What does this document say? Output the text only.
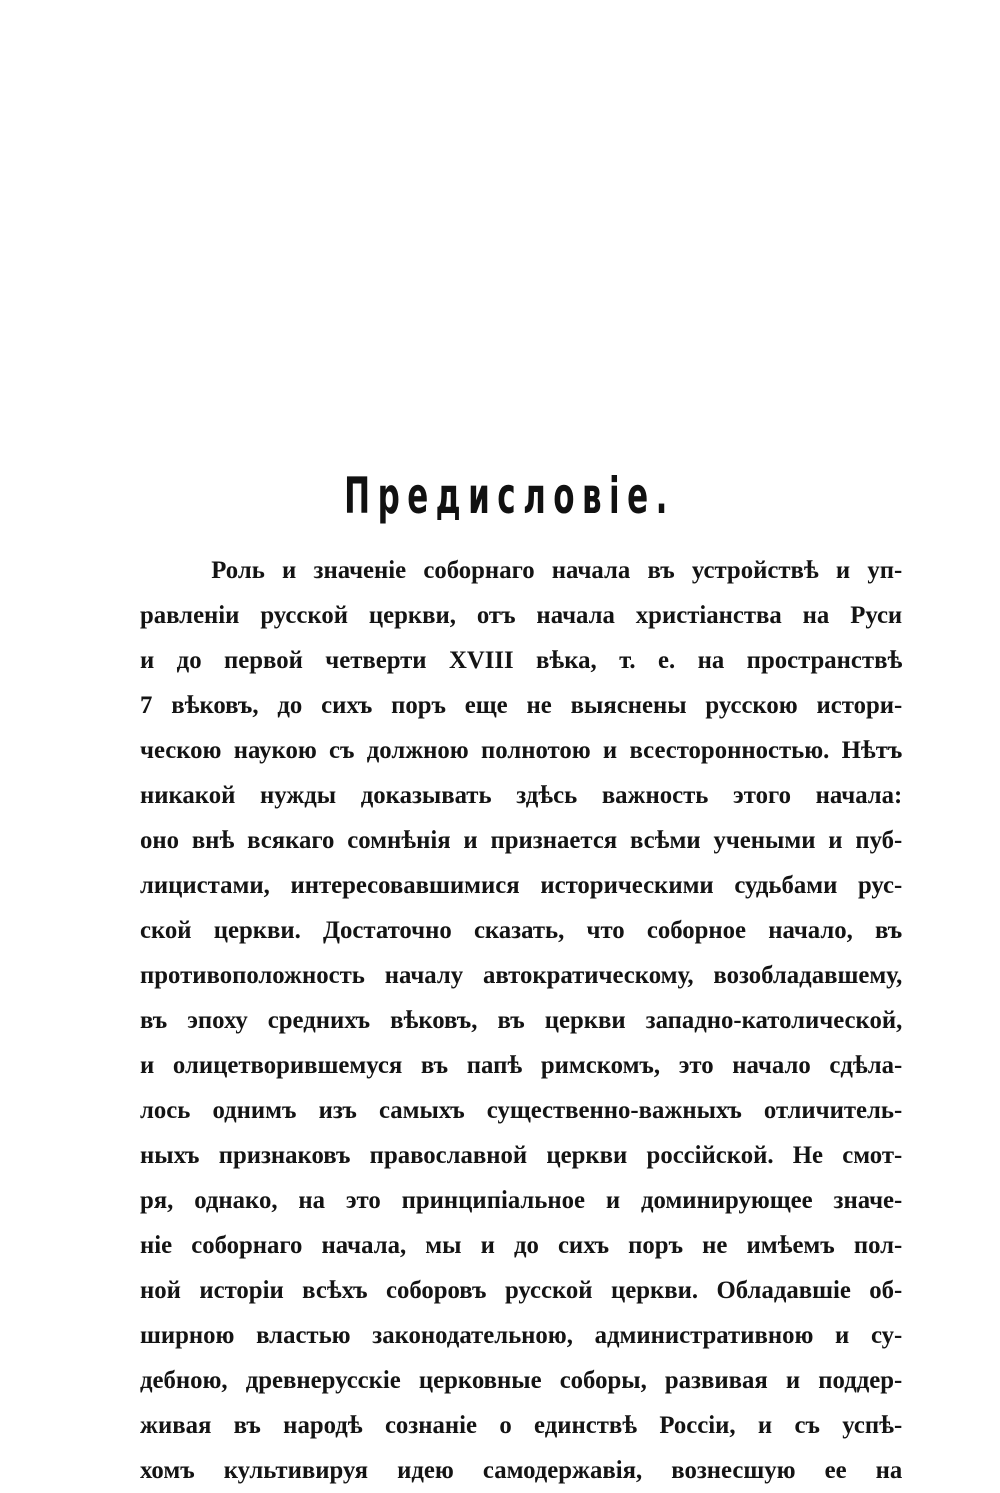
Предисловіе.
Роль и значеніе соборнаго начала въ устройствѣ и уп-
равленіи русской церкви, отъ начала христіанства на Руси
и до первой четверти XVIII вѣка, т. е. на пространствѣ
7 вѣковъ, до сихъ поръ еще не выяснены русскою истори-
ческою наукою съ должною полнотою и всесторонностью. Нѣтъ
никакой нужды доказывать здѣсь важность этого начала:
оно внѣ всякаго сомнѣнія и признается всѣми учеными и пуб-
лицистами, интересовавшимися историческими судьбами рус-
ской церкви. Достаточно сказать, что соборное начало, въ
противоположность началу автократическому, возобладавшему,
въ эпоху среднихъ вѣковъ, въ церкви западно-католической,
и олицетворившемуся въ папѣ римскомъ, это начало сдѣла-
лось однимъ изъ самыхъ существенно-важныхъ отличитель-
ныхъ признаковъ православной церкви россійской. Не смот-
ря, однако, на это принципіальное и доминирующее значе-
ніе соборнаго начала, мы и до сихъ поръ не имѣемъ пол-
ной исторіи всѣхъ соборовъ русской церкви. Обладавшіе об-
ширною властью законодательною, административною и су-
дебною, древнерусскіе церковные соборы, развивая и поддер-
живая въ народѣ сознаніе о единствѣ Россіи, и съ успѣ-
хомъ культивируя идею самодержавія, вознесшую ее на
